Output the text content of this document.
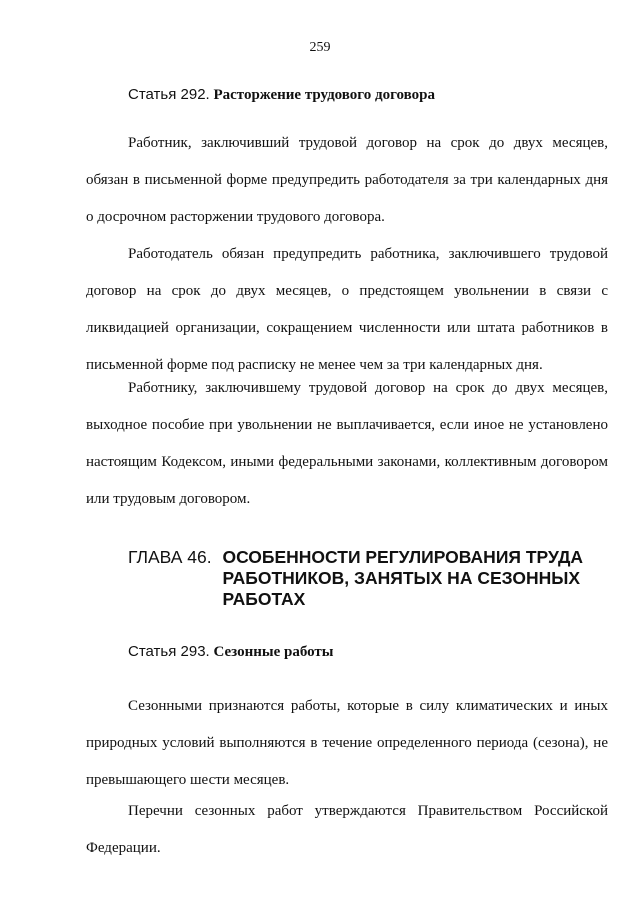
259
Статья 292. Расторжение трудового договора

Работник, заключивший трудовой договор на срок до двух месяцев, обязан в письменной форме предупредить работодателя за три календарных дня о досрочном расторжении трудового договора.

Работодатель обязан предупредить работника, заключившего трудовой договор на срок до двух месяцев, о предстоящем увольнении в связи с ликвидацией организации, сокращением численности или штата работников в письменной форме под расписку не менее чем за три календарных дня.

Работнику, заключившему трудовой договор на срок до двух месяцев, выходное пособие при увольнении не выплачивается, если иное не установлено настоящим Кодексом, иными федеральными законами, коллективным договором или трудовым договором.

ГЛАВА 46. ОСОБЕННОСТИ РЕГУЛИРОВАНИЯ ТРУДА
РАБОТНИКОВ, ЗАНЯТЫХ НА СЕЗОННЫХ
РАБОТАХ
Статья 293. Сезонные работы

Сезонными признаются работы, которые в силу климатических и иных природных условий выполняются в течение определенного периода (сезона), не превышающего шести месяцев.

Перечни сезонных работ утверждаются Правительством Российской Федерации.
